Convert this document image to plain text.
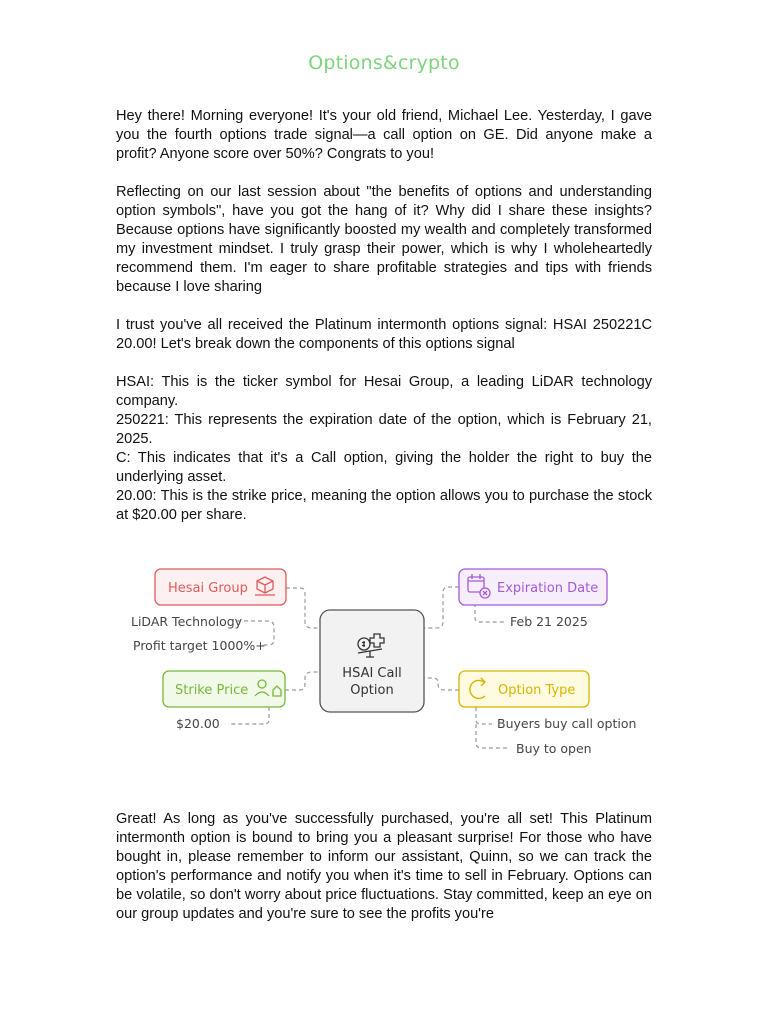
Options&crypto

Hey there! Morning everyone! It's your old friend, Michael Lee. Yesterday, I gave you the fourth options trade signal—a call option on GE. Did anyone make a profit? Anyone score over 50%? Congrats to you!

Reflecting on our last session about "the benefits of options and understanding option symbols", have you got the hang of it? Why did I share these insights? Because options have significantly boosted my wealth and completely transformed my investment mindset. I truly grasp their power, which is why I wholeheartedly recommend them. I'm eager to share profitable strategies and tips with friends because I love sharing

I trust you've all received the Platinum intermonth options signal: HSAI 250221C 20.00! Let's break down the components of this options signal

HSAI: This is the ticker symbol for Hesai Group, a leading LiDAR technology company.
250221: This represents the expiration date of the option, which is February 21, 2025.
C: This indicates that it's a Call option, giving the holder the right to buy the underlying asset.
20.00: This is the strike price, meaning the option allows you to purchase the stock at $20.00 per share.
HSAI Call
Option
Hesai Group
LiDAR Technology
Profit target 1000%+
Expiration Date
Feb 21 2025
Strike Price
$20.00
Option Type
Buyers buy call option
Buy to open

Great! As long as you've successfully purchased, you're all set! This Platinum intermonth option is bound to bring you a pleasant surprise! For those who have bought in, please remember to inform our assistant, Quinn, so we can track the option's performance and notify you when it's time to sell in February. Options can be volatile, so don't worry about price fluctuations. Stay committed, keep an eye on our group updates and you're sure to see the profits you're
